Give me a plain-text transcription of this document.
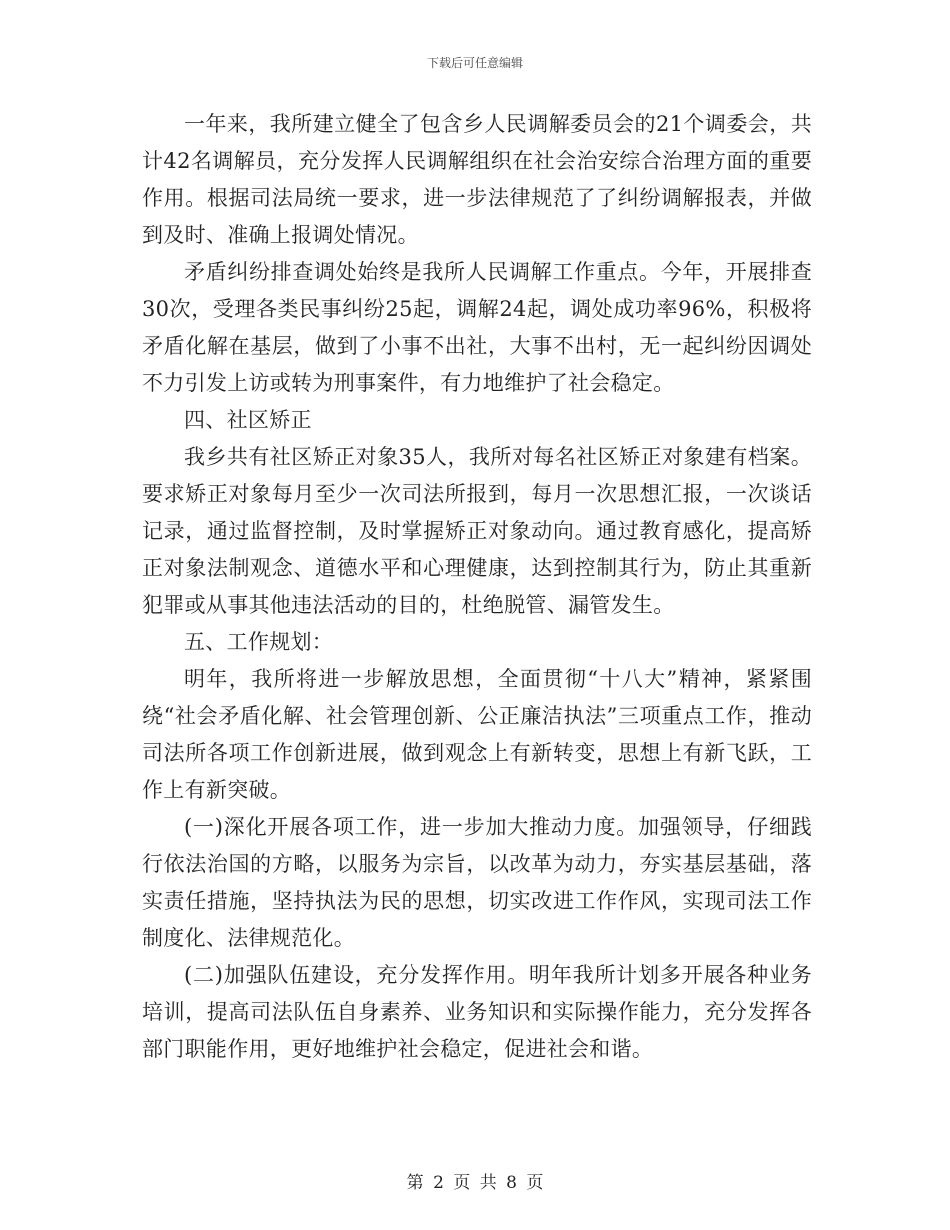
下载后可任意编辑

一年来，我所建立健全了包含乡人民调解委员会的21个调委会，共计42名调解员，充分发挥人民调解组织在社会治安综合治理方面的重要作用。根据司法局统一要求，进一步法律规范了了纠纷调解报表，并做到及时、准确上报调处情况。

矛盾纠纷排查调处始终是我所人民调解工作重点。今年，开展排查30次，受理各类民事纠纷25起，调解24起，调处成功率96%，积极将矛盾化解在基层，做到了小事不出社，大事不出村，无一起纠纷因调处不力引发上访或转为刑事案件，有力地维护了社会稳定。

四、社区矫正

我乡共有社区矫正对象35人，我所对每名社区矫正对象建有档案。要求矫正对象每月至少一次司法所报到，每月一次思想汇报，一次谈话记录，通过监督控制，及时掌握矫正对象动向。通过教育感化，提高矫正对象法制观念、道德水平和心理健康，达到控制其行为，防止其重新犯罪或从事其他违法活动的目的，杜绝脱管、漏管发生。

五、工作规划：

明年，我所将进一步解放思想，全面贯彻“十八大”精神，紧紧围绕“社会矛盾化解、社会管理创新、公正廉洁执法”三项重点工作，推动司法所各项工作创新进展，做到观念上有新转变，思想上有新飞跃，工作上有新突破。

(一)深化开展各项工作，进一步加大推动力度。加强领导，仔细践行依法治国的方略，以服务为宗旨，以改革为动力，夯实基层基础，落实责任措施，坚持执法为民的思想，切实改进工作作风，实现司法工作制度化、法律规范化。

(二)加强队伍建设，充分发挥作用。明年我所计划多开展各种业务培训，提高司法队伍自身素养、业务知识和实际操作能力，充分发挥各部门职能作用，更好地维护社会稳定，促进社会和谐。

第 2 页 共 8 页
